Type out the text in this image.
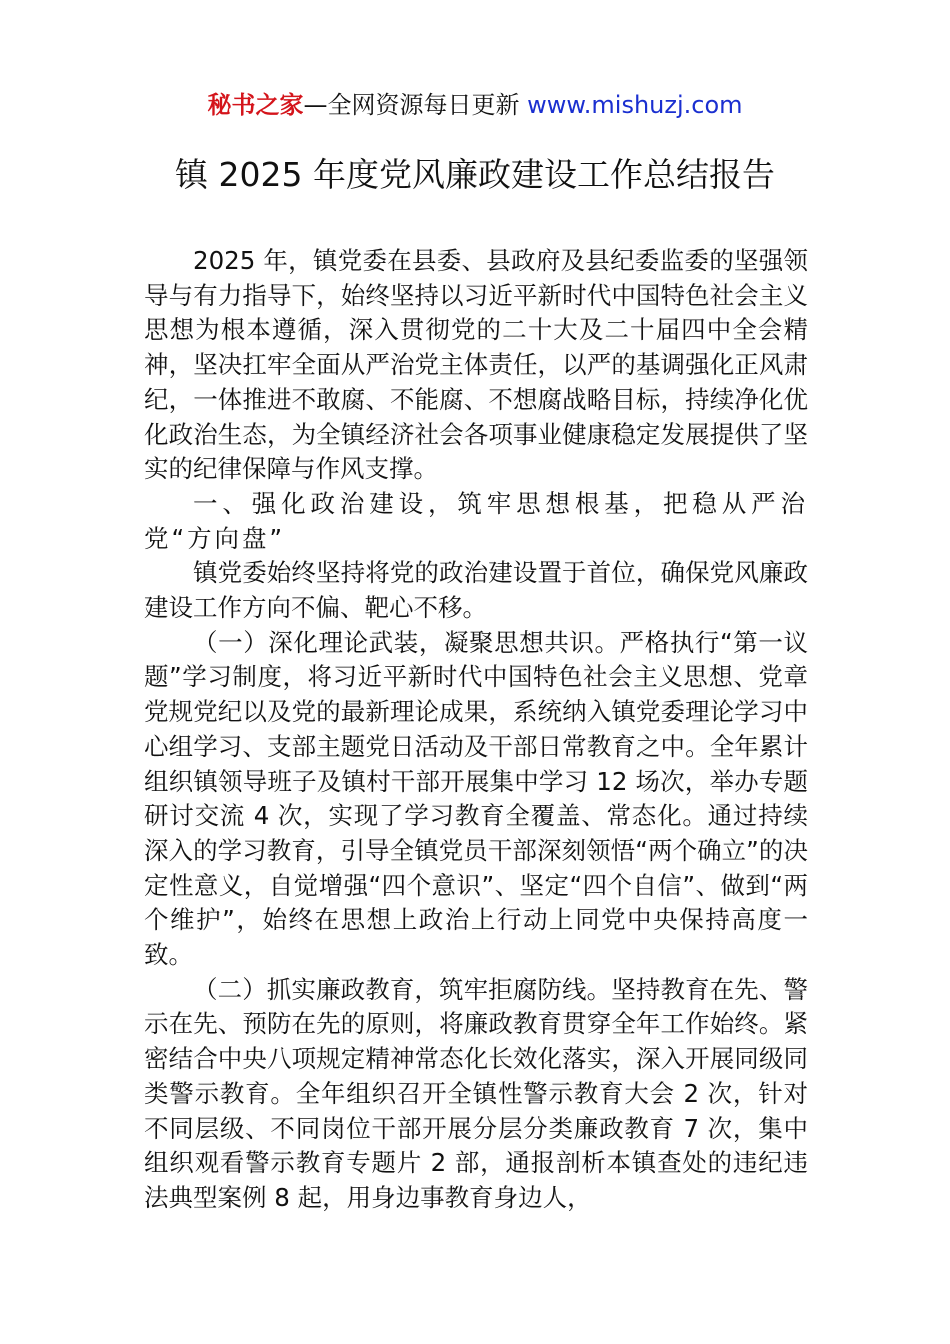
秘书之家—全网资源每日更新 www.mishuzj.com
镇 2025 年度党风廉政建设工作总结报告

2025 年，镇党委在县委、县政府及县纪委监委的坚强领导与有力指导下，始终坚持以习近平新时代中国特色社会主义思想为根本遵循，深入贯彻党的二十大及二十届四中全会精神，坚决扛牢全面从严治党主体责任，以严的基调强化正风肃纪，一体推进不敢腐、不能腐、不想腐战略目标，持续净化优化政治生态，为全镇经济社会各项事业健康稳定发展提供了坚实的纪律保障与作风支撑。

一、强化政治建设，筑牢思想根基，把稳从严治党“方向盘”

镇党委始终坚持将党的政治建设置于首位，确保党风廉政建设工作方向不偏、靶心不移。

（一）深化理论武装，凝聚思想共识。严格执行“第一议题”学习制度，将习近平新时代中国特色社会主义思想、党章党规党纪以及党的最新理论成果，系统纳入镇党委理论学习中心组学习、支部主题党日活动及干部日常教育之中。全年累计组织镇领导班子及镇村干部开展集中学习 12 场次，举办专题研讨交流 4 次，实现了学习教育全覆盖、常态化。通过持续深入的学习教育，引导全镇党员干部深刻领悟“两个确立”的决定性意义，自觉增强“四个意识”、坚定“四个自信”、做到“两个维护”，始终在思想上政治上行动上同党中央保持高度一致。

（二）抓实廉政教育，筑牢拒腐防线。坚持教育在先、警示在先、预防在先的原则，将廉政教育贯穿全年工作始终。紧密结合中央八项规定精神常态化长效化落实，深入开展同级同类警示教育。全年组织召开全镇性警示教育大会 2 次，针对不同层级、不同岗位干部开展分层分类廉政教育 7 次，集中组织观看警示教育专题片 2 部，通报剖析本镇查处的违纪违法典型案例 8 起，用身边事教育身边人，
